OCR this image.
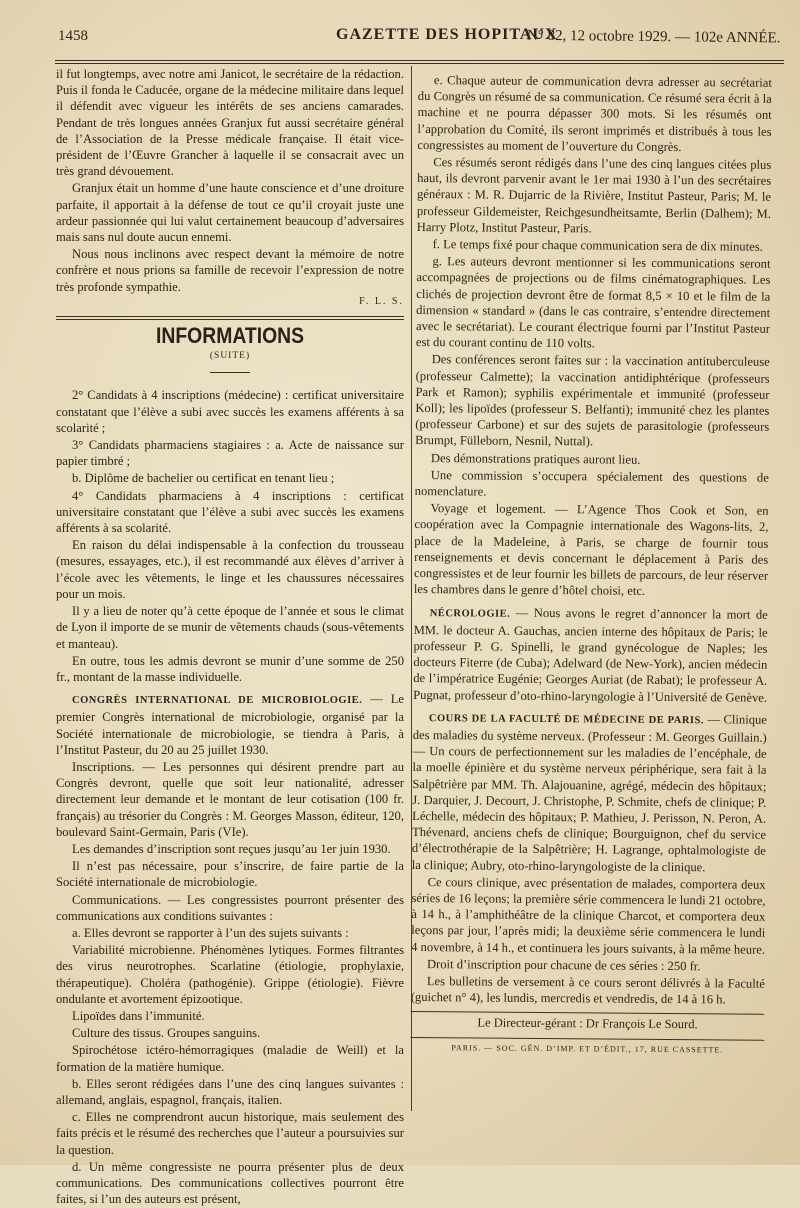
1458	GAZETTE DES HOPITAUX
N° 82, 12 octobre 1929. — 102e ANNÉE.

il fut longtemps, avec notre ami Janicot, le secrétaire de la rédaction. Puis il fonda le Caducée, organe de la médecine militaire dans lequel il défendit avec vigueur les intérêts de ses anciens camarades. Pendant de très longues années Granjux fut aussi secrétaire général de l’Association de la Presse médicale française. Il était vice-président de l’Œuvre Grancher à laquelle il se consacrait avec un très grand dévouement.

Granjux était un homme d’une haute conscience et d’une droiture parfaite, il apportait à la défense de tout ce qu’il croyait juste une ardeur passionnée qui lui valut certainement beaucoup d’adversaires mais sans nul doute aucun ennemi.

Nous nous inclinons avec respect devant la mémoire de notre confrère et nous prions sa famille de recevoir l’expression de notre très profonde sympathie.

F. L. S.
INFORMATIONS
(SUITE)

2° Candidats à 4 inscriptions (médecine) : certificat universitaire constatant que l’élève a subi avec succès les examens afférents à sa scolarité ;

3° Candidats pharmaciens stagiaires : a. Acte de naissance sur papier timbré ;

b. Diplôme de bachelier ou certificat en tenant lieu ;

4° Candidats pharmaciens à 4 inscriptions : certificat universitaire constatant que l’élève a subi avec succès les examens afférents à sa scolarité.

En raison du délai indispensable à la confection du trousseau (mesures, essayages, etc.), il est recommandé aux élèves d’arriver à l’école avec les vêtements, le linge et les chaussures nécessaires pour un mois.

Il y a lieu de noter qu’à cette époque de l’année et sous le climat de Lyon il importe de se munir de vêtements chauds (sous-vêtements et manteau).

En outre, tous les admis devront se munir d’une somme de 250 fr., montant de la masse individuelle.

CONGRÈS INTERNATIONAL DE MICROBIOLOGIE. — Le premier Congrès international de microbiologie, organisé par la Société internationale de microbiologie, se tiendra à Paris, à l’Institut Pasteur, du 20 au 25 juillet 1930.

Inscriptions. — Les personnes qui désirent prendre part au Congrès devront, quelle que soit leur nationalité, adresser directement leur demande et le montant de leur cotisation (100 fr. français) au trésorier du Congrès : M. Georges Masson, éditeur, 120, boulevard Saint-Germain, Paris (VIe).

Les demandes d’inscription sont reçues jusqu’au 1er juin 1930.

Il n’est pas nécessaire, pour s’inscrire, de faire partie de la Société internationale de microbiologie.

Communications. — Les congressistes pourront présenter des communications aux conditions suivantes :

a. Elles devront se rapporter à l’un des sujets suivants :

Variabilité microbienne. Phénomènes lytiques. Formes filtrantes des virus neurotrophes. Scarlatine (étiologie, prophylaxie, thérapeutique). Choléra (pathogénie). Grippe (étiologie). Fièvre ondulante et avortement épizootique.

Lipoïdes dans l’immunité.

Culture des tissus. Groupes sanguins.

Spirochétose ictéro-hémorragiques (maladie de Weill) et la formation de la matière humique.

b. Elles seront rédigées dans l’une des cinq langues suivantes : allemand, anglais, espagnol, français, italien.

c. Elles ne comprendront aucun historique, mais seulement des faits précis et le résumé des recherches que l’auteur a poursuivies sur la question.

d. Un même congressiste ne pourra présenter plus de deux communications. Des communications collectives pourront être faites, si l’un des auteurs est présent,

e. Chaque auteur de communication devra adresser au secrétariat du Congrès un résumé de sa communication. Ce résumé sera écrit à la machine et ne pourra dépasser 300 mots. Si les résumés ont l’approbation du Comité, ils seront imprimés et distribués à tous les congressistes au moment de l’ouverture du Congrès.

Ces résumés seront rédigés dans l’une des cinq langues citées plus haut, ils devront parvenir avant le 1er mai 1930 à l’un des secrétaires généraux : M. R. Dujarric de la Rivière, Institut Pasteur, Paris; M. le professeur Gildemeister, Reichgesundheitsamte, Berlin (Dalhem); M. Harry Plotz, Institut Pasteur, Paris.

f. Le temps fixé pour chaque communication sera de dix minutes.

g. Les auteurs devront mentionner si les communications seront accompagnées de projections ou de films cinématographiques. Les clichés de projection devront être de format 8,5 × 10 et le film de la dimension « standard » (dans le cas contraire, s’entendre directement avec le secrétariat). Le courant électrique fourni par l’Institut Pasteur est du courant continu de 110 volts.

Des conférences seront faites sur : la vaccination antituberculeuse (professeur Calmette); la vaccination antidiphtérique (professeurs Park et Ramon); syphilis expérimentale et immunité (professeur Koll); les lipoïdes (professeur S. Belfanti); immunité chez les plantes (professeur Carbone) et sur des sujets de parasitologie (professeurs Brumpt, Fülleborn, Nesnil, Nuttal).

Des démonstrations pratiques auront lieu.

Une commission s’occupera spécialement des questions de nomenclature.

Voyage et logement. — L’Agence Thos Cook et Son, en coopération avec la Compagnie internationale des Wagons-lits, 2, place de la Madeleine, à Paris, se charge de fournir tous renseignements et devis concernant le déplacement à Paris des congressistes et de leur fournir les billets de parcours, de leur réserver les chambres dans le genre d’hôtel choisi, etc.

NÉCROLOGIE. — Nous avons le regret d’annoncer la mort de MM. le docteur A. Gauchas, ancien interne des hôpitaux de Paris; le professeur P. G. Spinelli, le grand gynécologue de Naples; les docteurs Fiterre (de Cuba); Adelward (de New-York), ancien médecin de l’impératrice Eugénie; Georges Auriat (de Rabat); le professeur A. Pugnat, professeur d’oto-rhino-laryngologie à l’Université de Genève.

COURS DE LA FACULTÉ DE MÉDECINE DE PARIS. — Clinique des maladies du système nerveux. (Professeur : M. Georges Guillain.) — Un cours de perfectionnement sur les maladies de l’encéphale, de la moelle épinière et du système nerveux périphérique, sera fait à la Salpêtrière par MM. Th. Alajouanine, agrégé, médecin des hôpitaux; J. Darquier, J. Decourt, J. Christophe, P. Schmite, chefs de clinique; P. Léchelle, médecin des hôpitaux; P. Mathieu, J. Perisson, N. Peron, A. Thévenard, anciens chefs de clinique; Bourguignon, chef du service d’électrothérapie de la Salpêtrière; H. Lagrange, ophtalmologiste de la clinique; Aubry, oto-rhino-laryngologiste de la clinique.

Ce cours clinique, avec présentation de malades, comportera deux séries de 16 leçons; la première série commencera le lundi 21 octobre, à 14 h., à l’amphithéâtre de la clinique Charcot, et comportera deux leçons par jour, l’après midi; la deuxième série commencera le lundi 4 novembre, à 14 h., et continuera les jours suivants, à la même heure.

Droit d’inscription pour chacune de ces séries : 250 fr.

Les bulletins de versement à ce cours seront délivrés à la Faculté (guichet n° 4), les lundis, mercredis et vendredis, de 14 à 16 h.

Le Directeur-gérant : Dr François Le Sourd.
PARIS. — SOC. GÉN. D’IMP. ET D’ÉDIT., 17, RUE CASSETTE.
